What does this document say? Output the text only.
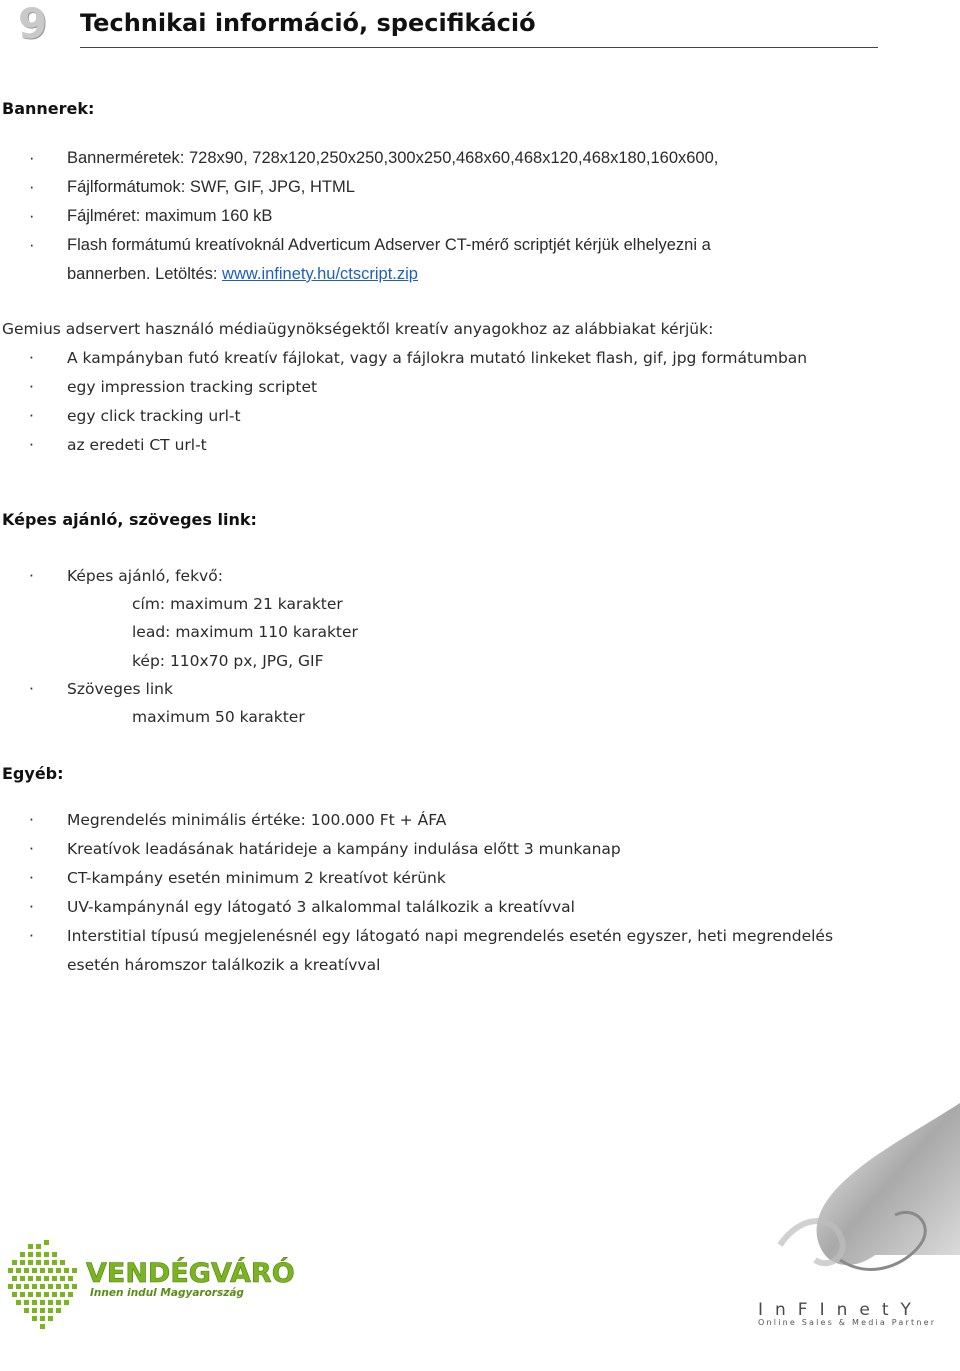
9 Technikai információ, specifikáció
Bannerek:
· Bannerméretek: 728x90, 728x120,250x250,300x250,468x60,468x120,468x180,160x600,
· Fájlformátumok: SWF, GIF, JPG, HTML
· Fájlméret: maximum 160 kB
· Flash formátumú kreatívoknál Adverticum Adserver CT-mérő scriptjét kérjük elhelyezni a
bannerben. Letöltés: www.infinety.hu/ctscript.zip
Gemius adservert használó médiaügynökségektől kreatív anyagokhoz az alábbiakat kérjük:
· A kampányban futó kreatív fájlokat, vagy a fájlokra mutató linkeket flash, gif, jpg formátumban
· egy impression tracking scriptet
· egy click tracking url-t
· az eredeti CT url-t
Képes ajánló, szöveges link:
· Képes ajánló, fekvő:
cím: maximum 21 karakter
lead: maximum 110 karakter
kép: 110x70 px, JPG, GIF
· Szöveges link
maximum 50 karakter
Egyéb:
· Megrendelés minimális értéke: 100.000 Ft + ÁFA
· Kreatívok leadásának határideje a kampány indulása előtt 3 munkanap
· CT-kampány esetén minimum 2 kreatívot kérünk
· UV-kampánynál egy látogató 3 alkalommal találkozik a kreatívval
· Interstitial típusú megjelenésnél egy látogató napi megrendelés esetén egyszer, heti megrendelés
esetén háromszor találkozik a kreatívval
VENDÉGVÁRÓ
Innen indul Magyarország
InFInetY
Online Sales & Media Partner
